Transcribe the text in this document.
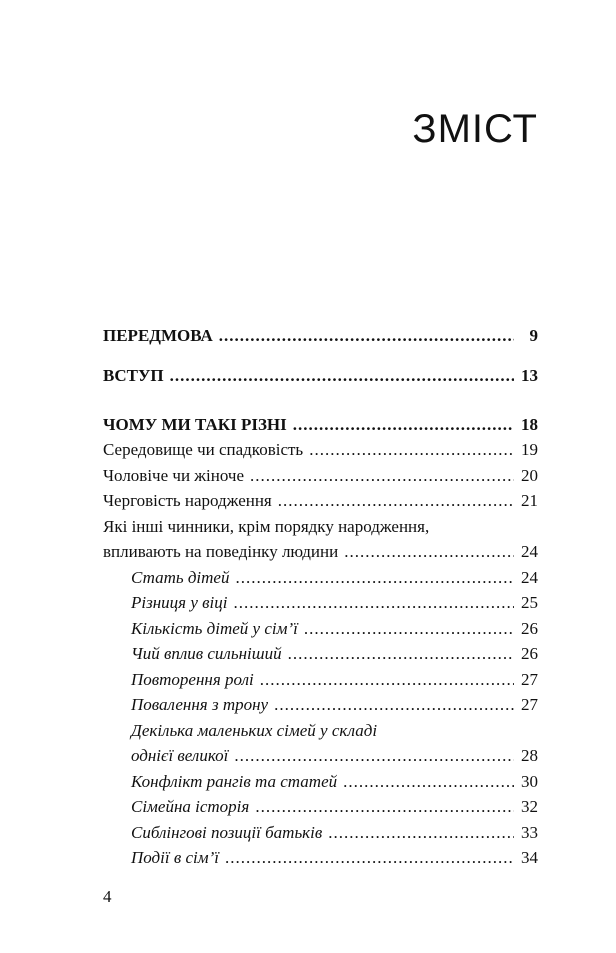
ЗМІСТ
ПЕРЕДМОВА .....	9
ВСТУП .....	13
ЧОМУ МИ ТАКІ РІЗНІ .....	18
Середовище чи спадковість .....	19
Чоловіче чи жіноче .....	20
Черговість народження .....	21
Які інші чинники, крім порядку народження,
впливають на поведінку людини .....	24
Стать дітей .....	24
Різниця у віці .....	25
Кількість дітей у сім’ї .....	26
Чий вплив сильніший .....	26
Повторення ролі .....	27
Повалення з трону .....	27
Декілька маленьких сімей у складі
однієї великої .....	28
Конфлікт рангів та статей .....	30
Сімейна історія .....	32
Сиблінгові позиції батьків .....	33
Події в сім’ї .....	34
4
